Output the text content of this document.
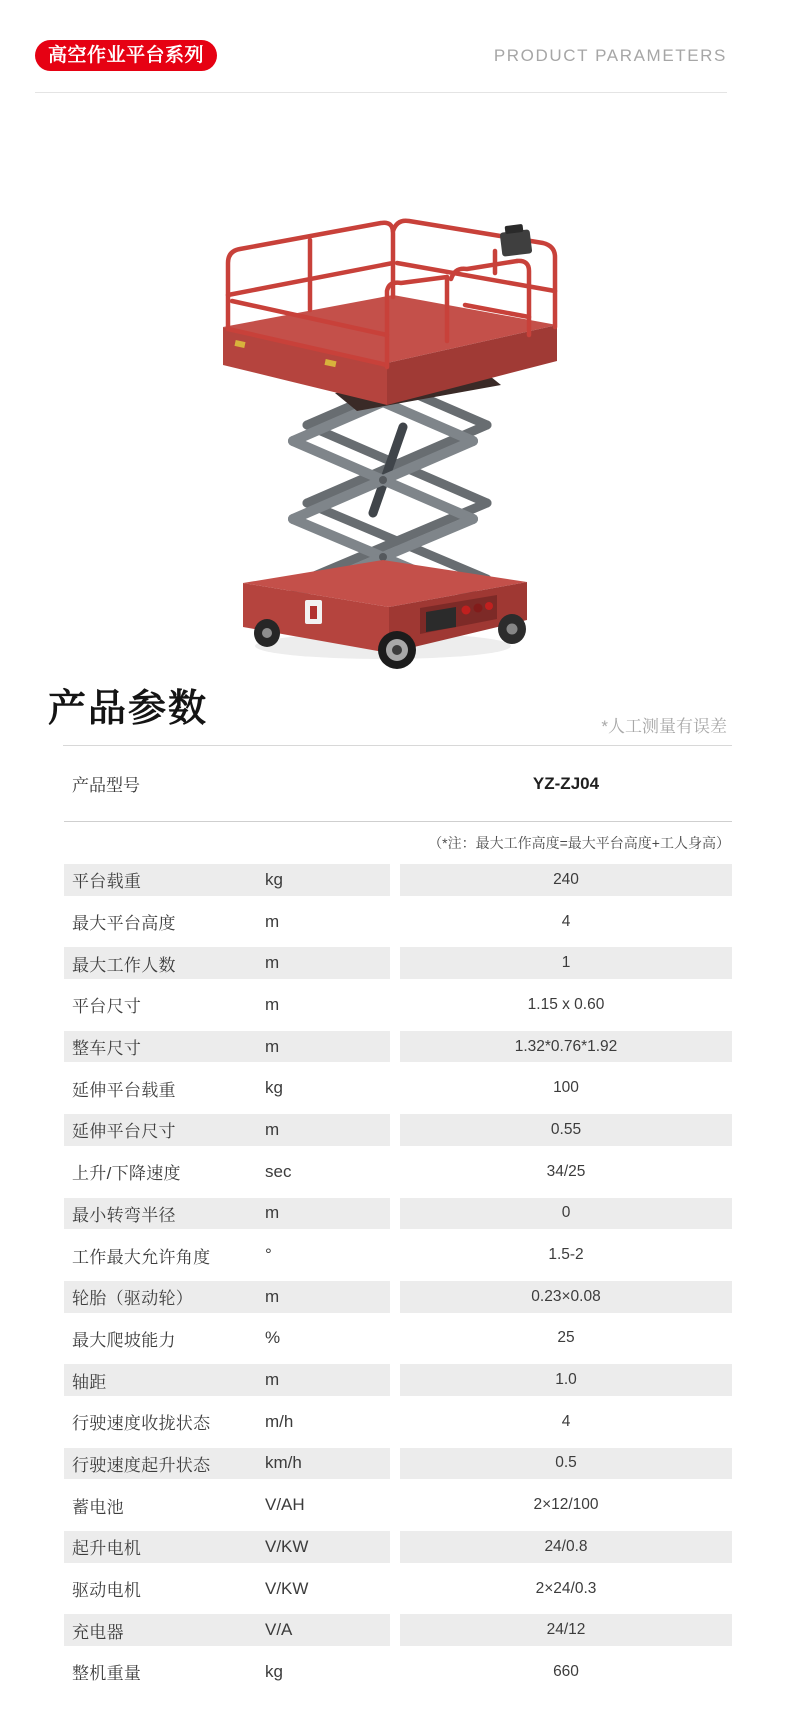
高空作业平台系列	PRODUCT PARAMETERS
产品参数	*人工测量有误差
产品型号	YZ-ZJ04
（*注：最大工作高度=最大平台高度+工人身高）
平台载重	kg	240
最大平台高度	m	4
最大工作人数	m	1
平台尺寸	m	1.15 x 0.60
整车尺寸	m	1.32*0.76*1.92
延伸平台载重	kg	100
延伸平台尺寸	m	0.55
上升/下降速度	sec	34/25
最小转弯半径	m	0
工作最大允许角度	°	1.5-2
轮胎（驱动轮）	m	0.23×0.08
最大爬坡能力	%	25
轴距	m	1.0
行驶速度收拢状态	m/h	4
行驶速度起升状态	km/h	0.5
蓄电池	V/AH	2×12/100
起升电机	V/KW	24/0.8
驱动电机	V/KW	2×24/0.3
充电器	V/A	24/12
整机重量	kg	660
